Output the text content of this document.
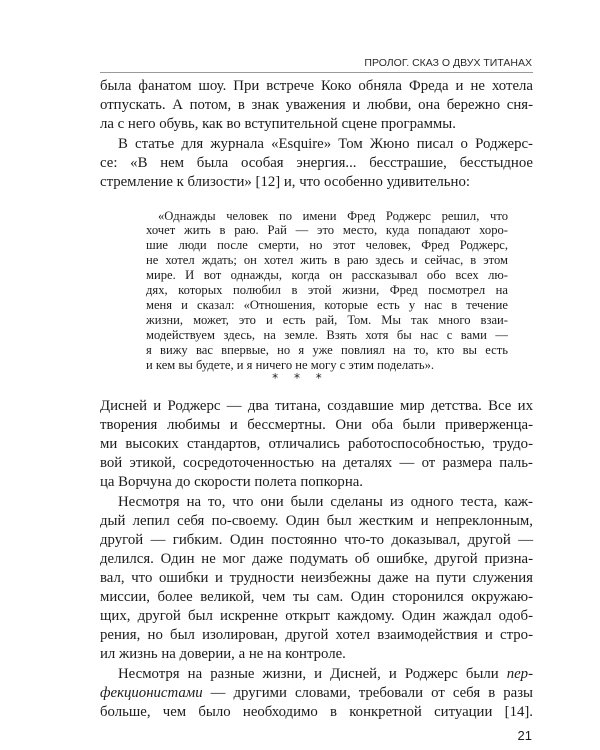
ПРОЛОГ. СКАЗ О ДВУХ ТИТАНАХ

была фанатом шоу. При встрече Коко обняла Фреда и не хотела

отпускать. А потом, в знак уважения и любви, она бережно сня-

ла с него обувь, как во вступительной сцене программы.

В статье для журнала «Esquire» Том Жюно писал о Роджерс-

се: «В нем была особая энергия... бесстрашие, бесстыдное

стремление к близости» [12] и, что особенно удивительно:

«Однажды человек по имени Фред Роджерс решил, что

хочет жить в раю. Рай — это место, куда попадают хоро-

шие люди после смерти, но этот человек, Фред Роджерс,

не хотел ждать; он хотел жить в раю здесь и сейчас, в этом

мире. И вот однажды, когда он рассказывал обо всех лю-

дях, которых полюбил в этой жизни, Фред посмотрел на

меня и сказал: «Отношения, которые есть у нас в течение

жизни, может, это и есть рай, Том. Мы так много взаи-

модействуем здесь, на земле. Взять хотя бы нас с вами —

я вижу вас впервые, но я уже повлиял на то, кто вы есть

и кем вы будете, и я ничего не могу с этим поделать».

* * *

Дисней и Роджерс — два титана, создавшие мир детства. Все их

творения любимы и бессмертны. Они оба были приверженца-

ми высоких стандартов, отличались работоспособностью, трудо-

вой этикой, сосредоточенностью на деталях — от размера паль-

ца Ворчуна до скорости полета попкорна.

Несмотря на то, что они были сделаны из одного теста, каж-

дый лепил себя по-своему. Один был жестким и непреклонным,

другой — гибким. Один постоянно что-то доказывал, другой —

делился. Один не мог даже подумать об ошибке, другой призна-

вал, что ошибки и трудности неизбежны даже на пути служения

миссии, более великой, чем ты сам. Один сторонился окружаю-

щих, другой был искренне открыт каждому. Один жаждал одоб-

рения, но был изолирован, другой хотел взаимодействия и стро-

ил жизнь на доверии, а не на контроле.

Несмотря на разные жизни, и Дисней, и Роджерс были пер-

фекционистами — другими словами, требовали от себя в разы

больше, чем было необходимо в конкретной ситуации [14].

21
